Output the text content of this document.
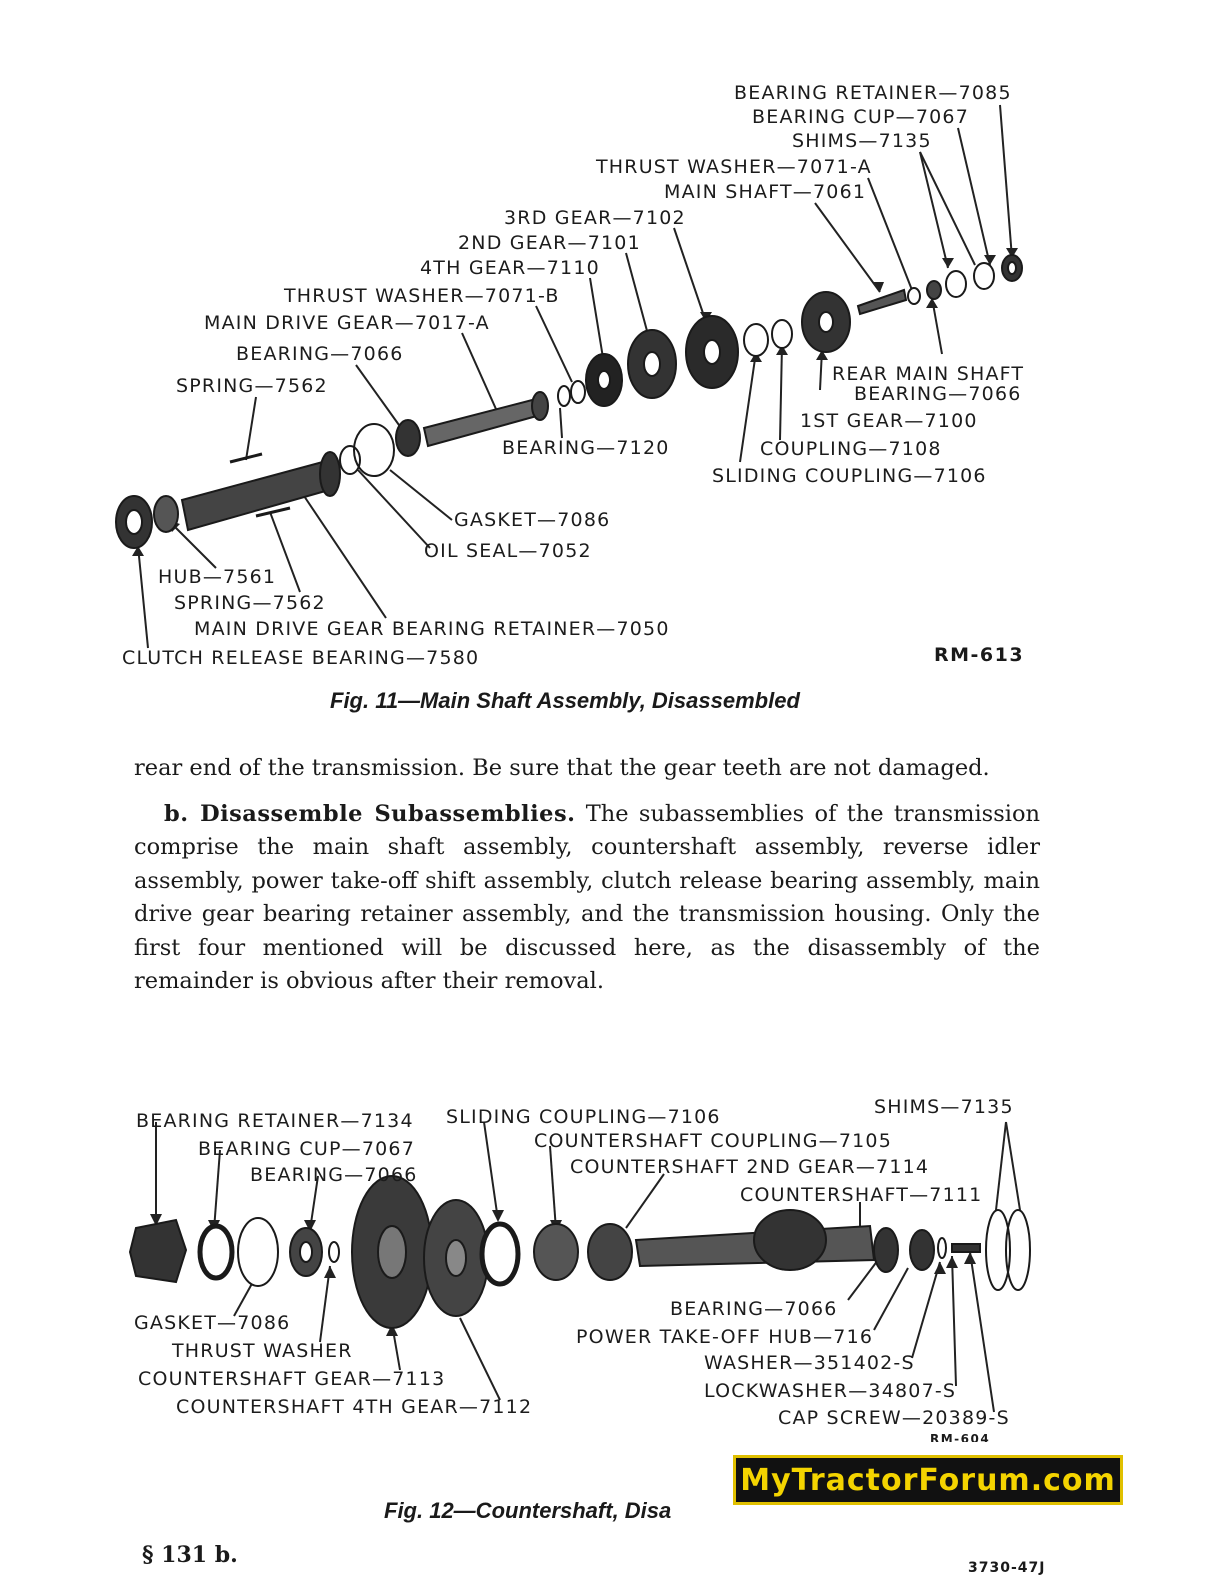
BEARING RETAINER—7085
BEARING CUP—7067
SHIMS—7135
THRUST WASHER—7071-A
MAIN SHAFT—7061
3RD GEAR—7102
2ND GEAR—7101
4TH GEAR—7110
THRUST WASHER—7071-B
MAIN DRIVE GEAR—7017-A
BEARING—7066
SPRING—7562
BEARING—7120
REAR MAIN SHAFT
BEARING—7066
1ST GEAR—7100
COUPLING—7108
SLIDING COUPLING—7106
GASKET—7086
OIL SEAL—7052
HUB—7561
SPRING—7562
MAIN DRIVE GEAR BEARING RETAINER—7050
CLUTCH RELEASE BEARING—7580	RM-613
Fig. 11—Main Shaft Assembly, Disassembled

rear end of the transmission. Be sure that the gear teeth are not damaged.

b. Disassemble Subassemblies. The subassemblies of the transmission comprise the main shaft assembly, countershaft assembly, reverse idler assembly, power take-off shift assembly, clutch release bearing assembly, main drive gear bearing retainer assembly, and the transmission housing. Only the first four mentioned will be discussed here, as the disassembly of the remainder is obvious after their removal.

BEARING RETAINER—7134 SLIDING COUPLING—7106	SHIMS—7135
COUNTERSHAFT COUPLING—7105
BEARING CUP—7067
BEARING—7066	COUNTERSHAFT 2ND GEAR—7114
COUNTERSHAFT—7111
GASKET—7086
THRUST WASHER
COUNTERSHAFT GEAR—7113
COUNTERSHAFT 4TH GEAR—7112
BEARING—7066
POWER TAKE-OFF HUB—716
WASHER—351402-S
LOCKWASHER—34807-S
CAP SCREW—20389-S
RM-604
Fig. 12—Countershaft, Disa
MyTractorForum.com
§ 131 b.	3730-47J
